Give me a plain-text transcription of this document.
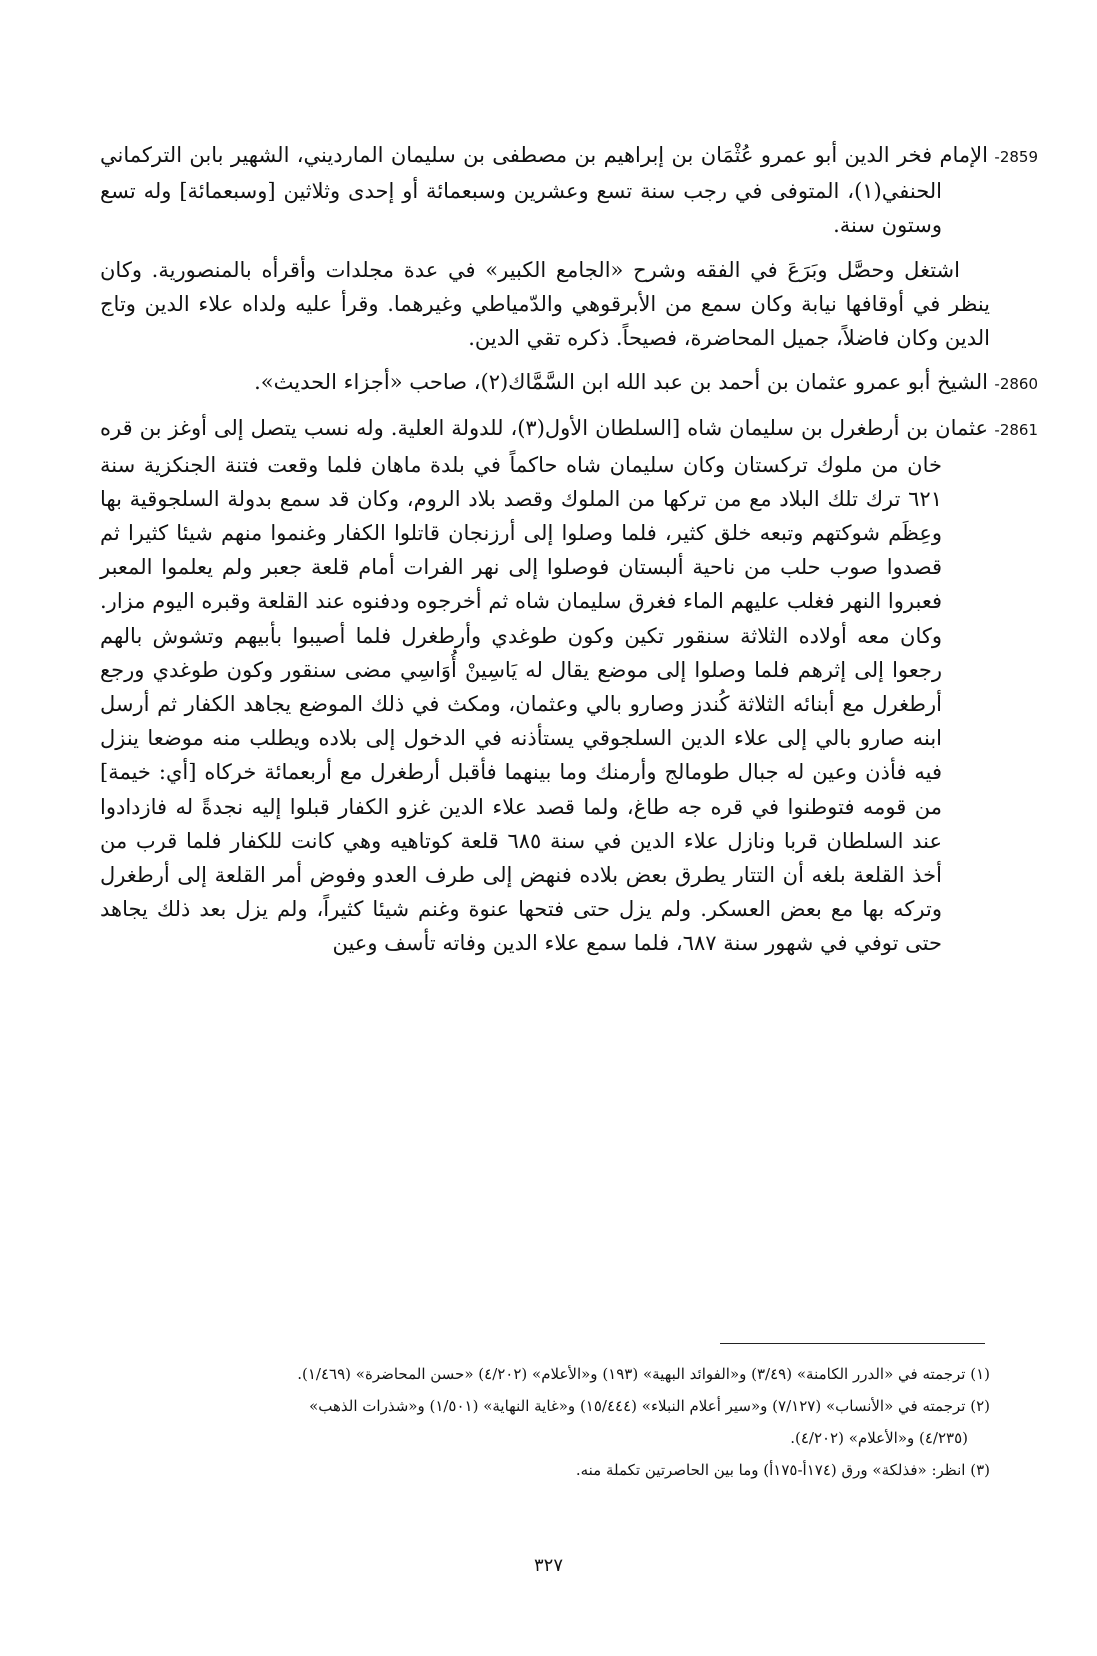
2859-الإمام فخر الدين أبو عمرو عُثْمَان بن إبراهيم بن مصطفى بن سليمان المارديني، الشهير بابن التركماني الحنفي(١)، المتوفى في رجب سنة تسع وعشرين وسبعمائة أو إحدى وثلاثين [وسبعمائة] وله تسع وستون سنة.
اشتغل وحصَّل وبَرَعَ في الفقه وشرح «الجامع الكبير» في عدة مجلدات وأقرأه بالمنصورية. وكان ينظر في أوقافها نيابة وكان سمع من الأبرقوهي والدّمياطي وغيرهما. وقرأ عليه ولداه علاء الدين وتاج الدين وكان فاضلاً، جميل المحاضرة، فصيحاً. ذكره تقي الدين.
2860-الشيخ أبو عمرو عثمان بن أحمد بن عبد الله ابن السَّمَّاك(٢)، صاحب «أجزاء الحديث».
2861-عثمان بن أرطغرل بن سليمان شاه [السلطان الأول(٣)، للدولة العلية. وله نسب يتصل إلى أوغز بن قره خان من ملوك تركستان وكان سليمان شاه حاكماً في بلدة ماهان فلما وقعت فتنة الجنكزية سنة ٦٢١ ترك تلك البلاد مع من تركها من الملوك وقصد بلاد الروم، وكان قد سمع بدولة السلجوقية بها وعِظَم شوكتهم وتبعه خلق كثير، فلما وصلوا إلى أرزنجان قاتلوا الكفار وغنموا منهم شيئا كثيرا ثم قصدوا صوب حلب من ناحية ألبستان فوصلوا إلى نهر الفرات أمام قلعة جعبر ولم يعلموا المعبر فعبروا النهر فغلب عليهم الماء فغرق سليمان شاه ثم أخرجوه ودفنوه عند القلعة وقبره اليوم مزار. وكان معه أولاده الثلاثة سنقور تكين وكون طوغدي وأرطغرل فلما أصيبوا بأبيهم وتشوش بالهم رجعوا إلى إثرهم فلما وصلوا إلى موضع يقال له يَاسِينْ أُوَاسِي مضى سنقور وكون طوغدي ورجع أرطغرل مع أبنائه الثلاثة كُندز وصارو بالي وعثمان، ومكث في ذلك الموضع يجاهد الكفار ثم أرسل ابنه صارو بالي إلى علاء الدين السلجوقي يستأذنه في الدخول إلى بلاده ويطلب منه موضعا ينزل فيه فأذن وعين له جبال طومالج وأرمنك وما بينهما فأقبل أرطغرل مع أربعمائة خركاه [أي: خيمة] من قومه فتوطنوا في قره جه طاغ، ولما قصد علاء الدين غزو الكفار قبلوا إليه نجدةً له فازدادوا عند السلطان قربا ونازل علاء الدين في سنة ٦٨٥ قلعة كوتاهيه وهي كانت للكفار فلما قرب من أخذ القلعة بلغه أن التتار يطرق بعض بلاده فنهض إلى طرف العدو وفوض أمر القلعة إلى أرطغرل وتركه بها مع بعض العسكر. ولم يزل حتى فتحها عنوة وغنم شيئا كثيراً، ولم يزل بعد ذلك يجاهد حتى توفي في شهور سنة ٦٨٧، فلما سمع علاء الدين وفاته تأسف وعين

(١) ترجمته في «الدرر الكامنة» (٣/٤٩) و«الفوائد البهية» (١٩٣) و«الأعلام» (٤/٢٠٢) «حسن المحاضرة» (١/٤٦٩).

(٢) ترجمته في «الأنساب» (٧/١٢٧) و«سير أعلام النبلاء» (١٥/٤٤٤) و«غاية النهاية» (١/٥٠١) و«شذرات الذهب»

(٤/٢٣٥) و«الأعلام» (٤/٢٠٢).

(٣) انظر: «فذلكة» ورق (١٧٤أ-١٧٥أ) وما بين الحاصرتين تكملة منه.

٣٢٧
